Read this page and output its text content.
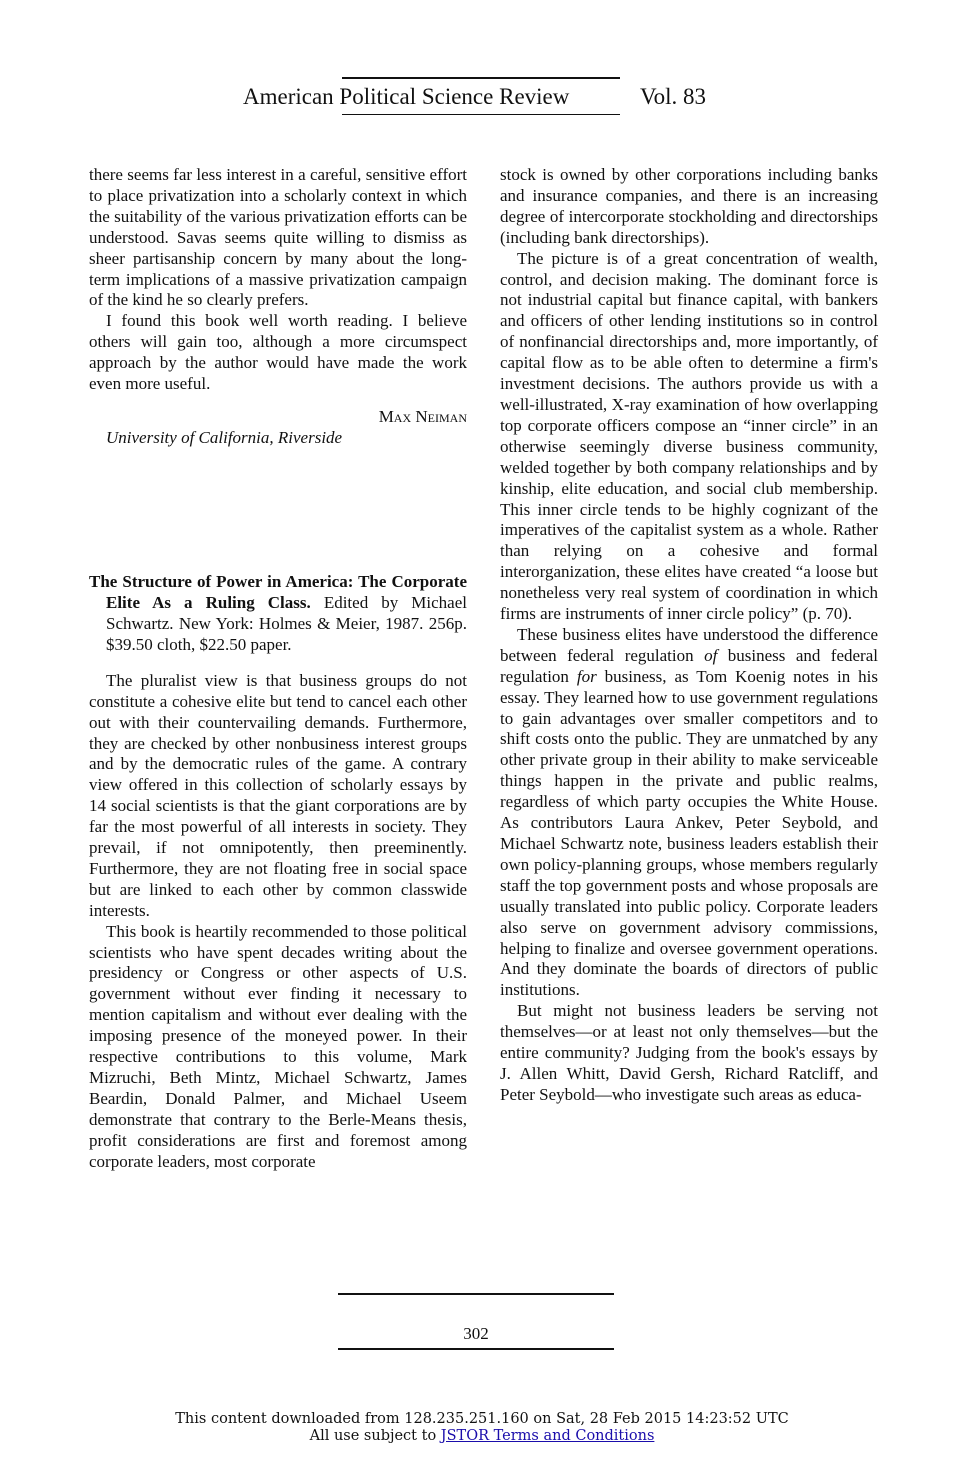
American Political Science Review	Vol. 83

there seems far less interest in a careful, sensitive effort to place privatization into a scholarly context in which the suitability of the various privatization efforts can be understood. Savas seems quite willing to dismiss as sheer partisanship concern by many about the long-term implications of a massive privatization campaign of the kind he so clearly prefers.

I found this book well worth reading. I believe others will gain too, although a more circumspect approach by the author would have made the work even more useful.

Max Neiman

University of California, Riverside

The Structure of Power in America: The Corporate Elite As a Ruling Class. Edited by Michael Schwartz. New York: Holmes & Meier, 1987. 256p. $39.50 cloth, $22.50 paper.

The pluralist view is that business groups do not constitute a cohesive elite but tend to cancel each other out with their countervailing demands. Furthermore, they are checked by other nonbusiness interest groups and by the democratic rules of the game. A contrary view offered in this collection of scholarly essays by 14 social scientists is that the giant corporations are by far the most powerful of all interests in society. They prevail, if not omnipotently, then preeminently. Furthermore, they are not floating free in social space but are linked to each other by common classwide interests.

This book is heartily recommended to those political scientists who have spent decades writing about the presidency or Congress or other aspects of U.S. government without ever finding it necessary to mention capitalism and without ever dealing with the imposing presence of the moneyed power. In their respective contributions to this volume, Mark Mizruchi, Beth Mintz, Michael Schwartz, James Beardin, Donald Palmer, and Michael Useem demonstrate that contrary to the Berle-Means thesis, profit considerations are first and foremost among corporate leaders, most corporate

stock is owned by other corporations including banks and insurance companies, and there is an increasing degree of intercorporate stockholding and directorships (including bank directorships).

The picture is of a great concentration of wealth, control, and decision making. The dominant force is not industrial capital but finance capital, with bankers and officers of other lending institutions so in control of nonfinancial directorships and, more importantly, of capital flow as to be able often to determine a firm's investment decisions. The authors provide us with a well-illustrated, X-ray examination of how overlapping top corporate officers compose an “inner circle” in an otherwise seemingly diverse business community, welded together by both company relationships and by kinship, elite education, and social club membership. This inner circle tends to be highly cognizant of the imperatives of the capitalist system as a whole. Rather than relying on a cohesive and formal interorganization, these elites have created “a loose but nonetheless very real system of coordination in which firms are instruments of inner circle policy” (p. 70).

These business elites have understood the difference between federal regulation of business and federal regulation for business, as Tom Koenig notes in his essay. They learned how to use government regulations to gain advantages over smaller competitors and to shift costs onto the public. They are unmatched by any other private group in their ability to make serviceable things happen in the private and public realms, regardless of which party occupies the White House. As contributors Laura Ankev, Peter Seybold, and Michael Schwartz note, business leaders establish their own policy-planning groups, whose members regularly staff the top government posts and whose proposals are usually translated into public policy. Corporate leaders also serve on government advisory commissions, helping to finalize and oversee government operations. And they dominate the boards of directors of public institutions.

But might not business leaders be serving not themselves—or at least not only themselves—but the entire community? Judging from the book's essays by J. Allen Whitt, David Gersh, Richard Ratcliff, and Peter Seybold—who investigate such areas as educa-

302
This content downloaded from 128.235.251.160 on Sat, 28 Feb 2015 14:23:52 UTC
All use subject to JSTOR Terms and Conditions
